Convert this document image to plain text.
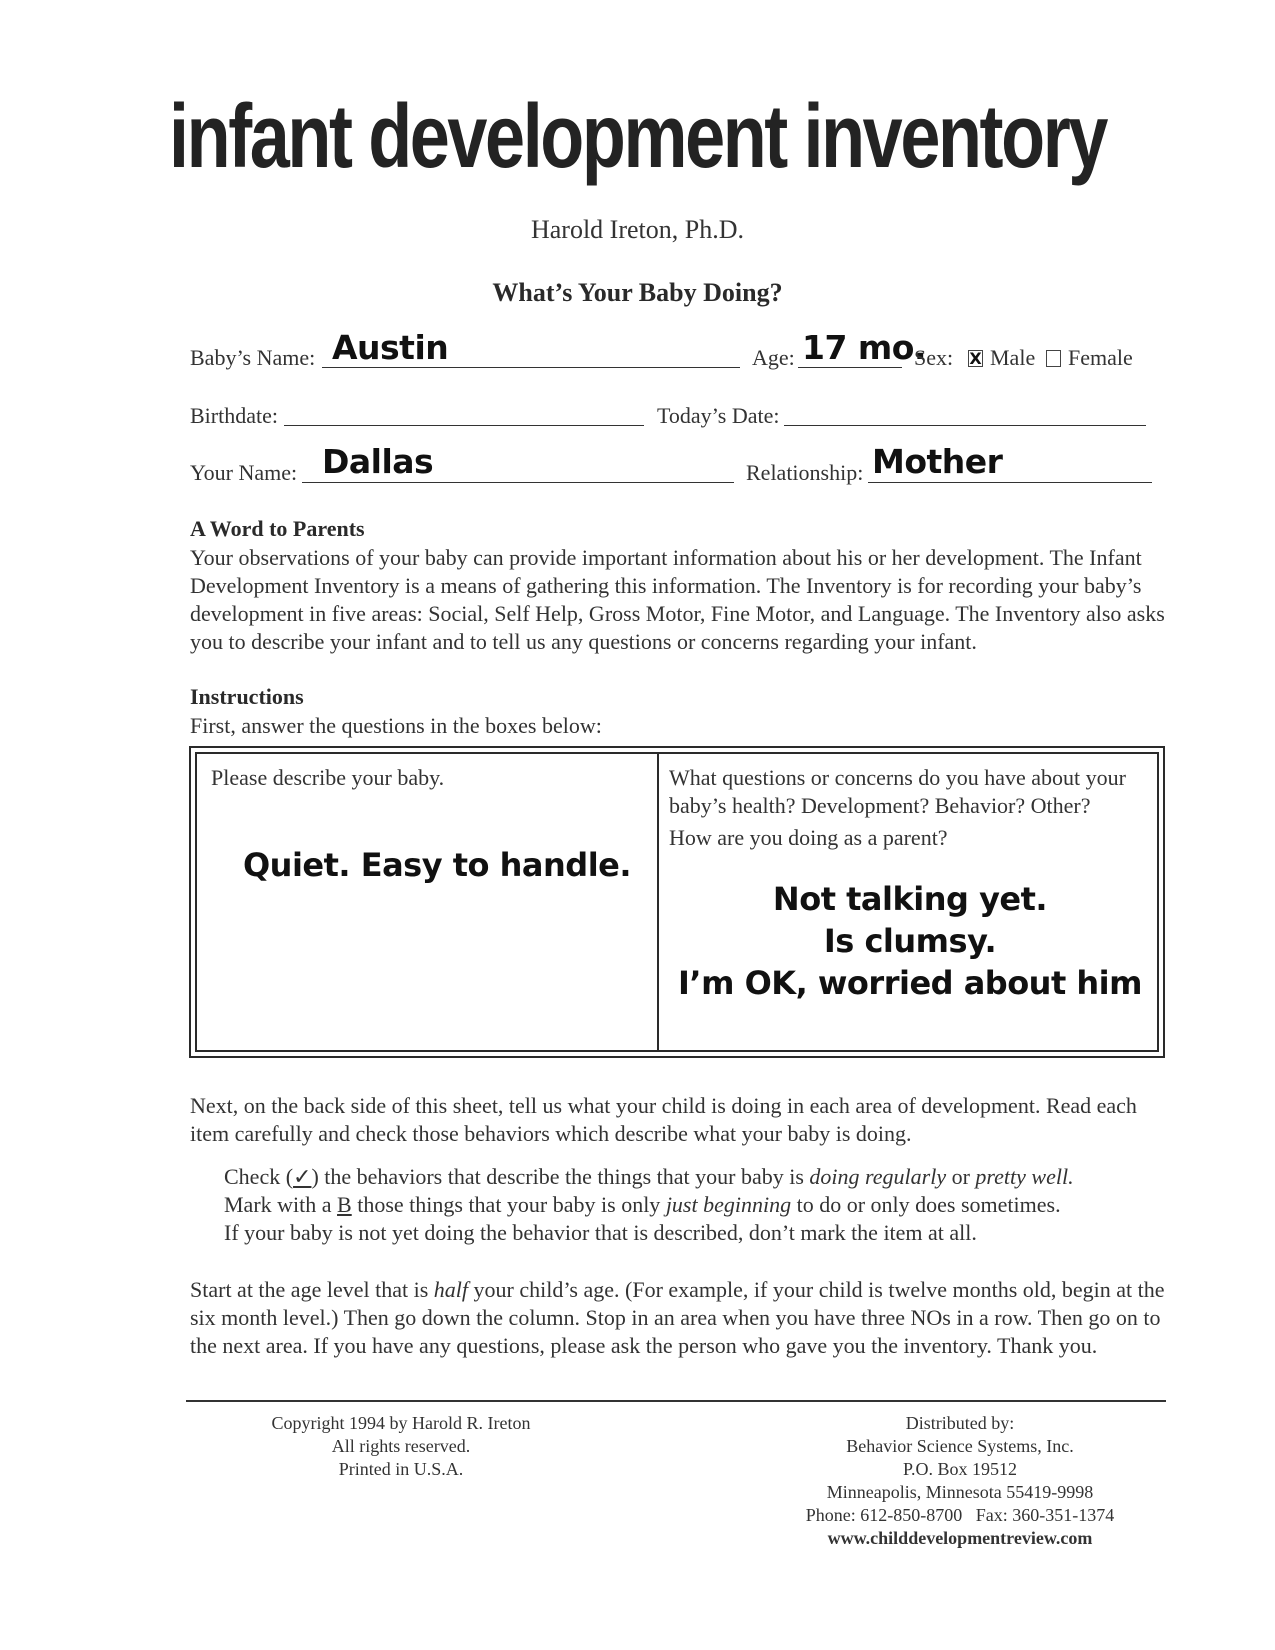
infant development inventory
Harold Ireton, Ph.D.
What’s Your Baby Doing?
Baby’s Name: Austin	Age: 17 mo.
Sex: X Male Female
Birthdate:	Today’s Date:
Your Name: Dallas	Relationship: Mother
A Word to Parents

Your observations of your baby can provide important information about his or her development. The Infant Development Inventory is a means of gathering this information. The Inventory is for recording your baby’s development in five areas: Social, Self Help, Gross Motor, Fine Motor, and Language. The Inventory also asks you to describe your infant and to tell us any questions or concerns regarding your infant.

Instructions
First, answer the questions in the boxes below:
Please describe your baby.
Quiet. Easy to handle.
What questions or concerns do you have about your baby’s health? Development? Behavior? Other?
How are you doing as a parent?
Not talking yet.
Is clumsy.
I’m OK, worried about him

Next, on the back side of this sheet, tell us what your child is doing in each area of development. Read each item carefully and check those behaviors which describe what your baby is doing.

Check (✓) the behaviors that describe the things that your baby is doing regularly or pretty well.
Mark with a B those things that your baby is only just beginning to do or only does sometimes.
If your baby is not yet doing the behavior that is described, don’t mark the item at all.

Start at the age level that is half your child’s age. (For example, if your child is twelve months old, begin at the six month level.) Then go down the column. Stop in an area when you have three NOs in a row. Then go on to the next area. If you have any questions, please ask the person who gave you the inventory. Thank you.

Copyright 1994 by Harold R. Ireton
All rights reserved.
Printed in U.S.A.
Distributed by:
Behavior Science Systems, Inc.
P.O. Box 19512
Minneapolis, Minnesota 55419-9998
Phone: 612-850-8700   Fax: 360-351-1374
www.childdevelopmentreview.com
